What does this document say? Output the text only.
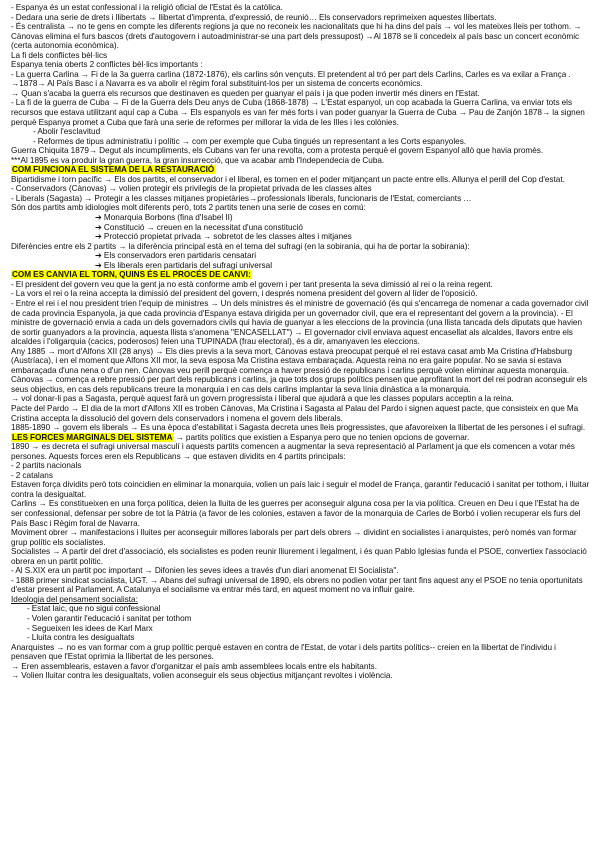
- Espanya és un estat confessional i la religió oficial de l'Estat és la catòlica.

- Dedara una serie de drets i llibertats → llibertat d'imprenta, d'expressió, de reunió… Els conservadors reprimeixen aquestes llibertats.

- És centralista → no te gens en compte les diferents regions ja que no reconeix les nacionalitats que hi ha dins del país → vol les mateixes lleis per tothom. → Cànovas elimina el furs bascos (drets d'autogovern i autoadministrar-se una part dels pressupost) →Al 1878 se li concedeix al país basc un concert econòmic (certa autonomia econòmica).

La fi dels conflictes bèl·lics

Espanya tenia oberts 2 conflictes bèl·lics importants :

- La guerra Carlina → Fi de la 3a guerra carlina (1872-1876), els carlins són vençuts. El pretendent al tró per part dels Carlins, Carles es va exilar a França .

→1878→ Al País Basc i a Navarra es va abolir el règim foral substituint-los per un sistema de concerts econòmics.

→ Quan s'acaba la guerra els recursos que destinaven es queden per guanyar el país i ja que poden invertir més diners en l'Estat.

- La fi de la guerra de Cuba → Fi de la Guerra dels Deu anys de Cuba (1868-1878) → L'Estat espanyol, un cop acabada la Guerra Carlina, va enviar tots els recursos que estava utilitzant aquí cap a Cuba → Els espanyols es van fer més forts i van poder guanyar la Guerra de Cuba → Pau de Zanjón 1878→ la signen perquè Espanya promet a Cuba que farà una serie de reformes per millorar la vida de les Illes i les colònies.

- Abolir l'esclavitud

- Reformes de tipus administratiu i polític → com per exemple que Cuba tingués un representant a les Corts espanyoles.

Guerra Chiquita 1879→ Degut als incumpliments, els Cubans van fer una revolta, com a protesta perquè el govern Espanyol allò que havia promès.

***Al 1895 es va produir la gran guerra, la gran insurrecció, que va acabar amb l'Independecia de Cuba.

COM FUNCIONA EL SISTEMA DE LA RESTAURACIÓ

Bipartidisme i torn pacífic → Els dos partits, el conservador i el liberal, es tornen en el poder mitjançant un pacte entre ells. Allunya el perill del Cop d'estat.

- Conservadors (Cànovas) → volien protegir els privilegis de la propietat privada de les classes altes

- Liberals (Sagasta) → Protegir a les classes mitjanes propietàries→professionals liberals, funcionaris de l'Estat, comerciants …

Són dos partits amb idiologies molt diferents però, tots 2 partits tenen una serie de coses en comú:

➔ Monarquia Borbons (fina d'Isabel II)

➔ Constitució → creuen en la necessitat d'una constitució

➔ Protecció propietat privada → sobretot de les classes altes i mitjanes

Diferències entre els 2 partits → la diferència principal està en el tema del sufragi (en la sobirania, qui ha de portar la sobirania):

➔ Els conservadors eren partidaris censatari

➔ Els liberals eren partidaris del sufragi universal

COM ES CANVIA EL TORN, QUINS ÉS EL PROCÉS DE CANVI:

- El president del govern veu que la gent ja no està conforme amb el govern i per tant presenta la seva dimissió al rei o la reina regent.

- La vors el rei o la reina accepta la dimissió del president del govern, i després nomena president del govern al líder de l'oposició.

- Entre el rei i el nou president trien l'equip de ministres → Un dels ministres és el ministre de governació (és qui s'encarrega de nomenar a cada governador civil de cada provincia Espanyola, ja que cada provincia d'Espanya estava dirigida per un governador civil, que era el representant del govern a la provincia). - El ministre de governació envia a cada un dels governadors civils qui havia de guanyar a les eleccions de la provincia (una llista tancada dels diputats que havien de sortir guanyadors a la provincia, aquesta llista s'anomena "ENCASELLAT") → El governador civil enviava aquest encasellat als alcaldes, llavors entre els alcaldes i l'oligarquia (cacics, poderosos) feien una TUPINADA (frau electoral), és a dir, amanyaven les eleccions.

Any 1885 → mort d'Alfons XII (28 anys) → Els dies previs a la seva mort, Cànovas estava preocupat perquè el rei estava casat amb Ma Cristina d'Habsburg (Austríaca), i en el moment que Alfons XII mor, la seva esposa Ma Cristina estava embaraçada. Aquesta reina no era gaire popular. No se savia si estava embaraçada d'una nena o d'un nen. Cànovas veu perill perquè comença a haver pressió de republicans i carlins perquè volen eliminar aquesta monarquia.

Cànovas → comença a rebre pressió per part dels republicans i carlins, ja que tots dos grups polítics pensen que aprofitant la mort del rei podran aconseguir els seus objectius, en cas dels republicans treure la monarquia i en cas dels carlins implantar la seva línia dinàstica a la monarquia.

→ vol donar-li pas a Sagasta, perquè aquest farà un govern progressista i liberal que ajudarà a que les classes populars acceptin a la reina.

Pacte del Pardo → El dia de la mort d'Alfons XII es troben Cànovas, Ma Cristina i Sagasta al Palau del Pardo i signen aquest pacte, que consisteix en que Ma Cristina accepta la dissolució del govern dels conservadors i nomena el govern dels liberals.

1885-1890 → govern els liberals → Es una època d'estabilitat i Sagasta decreta unes lleis progressistes, que afavoreixen la llibertat de les persones i el sufragi.

LES FORCES MARGINALS DEL SISTEMA → partits polítics que existien a Espanya pero que no tenien opcions de governar.

1890 → es decreta el sufragi universal masculí i aquests partits comencen a augmentar la seva representació al Parlament ja que els comencen a votar més persones. Aquests forces eren els Republicans → que estaven dividits en 4 partits principals:

- 2 partits nacionals

- 2 catalans

Estaven força dividits però tots coincidien en eliminar la monarquia, volien un país laic i seguir el model de França, garantir l'educació i sanitat per tothom, i lluitar contra la desigualtat.

Carlins → Es constitueixen en una força política, deien la lluita de les guerres per aconseguir alguna cosa per la via política. Creuen en Deu i que l'Estat ha de ser confessional, defensar per sobre de tot la Pàtria (a favor de les colonies, estaven a favor de la monarquia de Carles de Borbó i volien recuperar els furs del País Basc i Règim foral de Navarra.

Moviment obrer → manifestacions i lluites per aconseguir millores laborals per part dels obrers → dividint en socialistes i anarquistes, però només van formar grup polític els socialistes.

Socialistes → A partir del dret d'associació, els socialistes es poden reunir lliurement i legalment, i és quan Pablo Iglesias funda el PSOE, convertiex l'associació obrera en un partit polític.

- Al S.XIX era un partit poc important → Difonien les seves idees a través d'un diari anomenat El Socialista".

- 1888 primer sindicat socialista, UGT. → Abans del sufragi universal de 1890, els obrers no podien votar per tant fins aquest any el PSOE no tenia oportunitats d'estar present al Parlament. A Catalunya el socialisme va entrar més tard, en aquest moment no va influir gaire.

Ideologia del pensament socialista:

- Estat laic, que no sigui confessional

- Volen garantir l'educació i sanitat per tothom

- Segueixen les idees de Karl Marx

- Lluita contra les desigualtats

Anarquistes → no es van formar com a grup polític perquè estaven en contra de l'Estat, de votar i dels partits polítics-- creien en la llibertat de l'individu i pensaven que l'Estat oprimia la llibertat de les persones.

→ Eren assemblearis, estaven a favor d'organitzar el país amb assemblees locals entre els habitants.

→ Volien lluitar contra les desigualtats, volien aconseguir els seus objectius mitjançant revoltes i violència.
